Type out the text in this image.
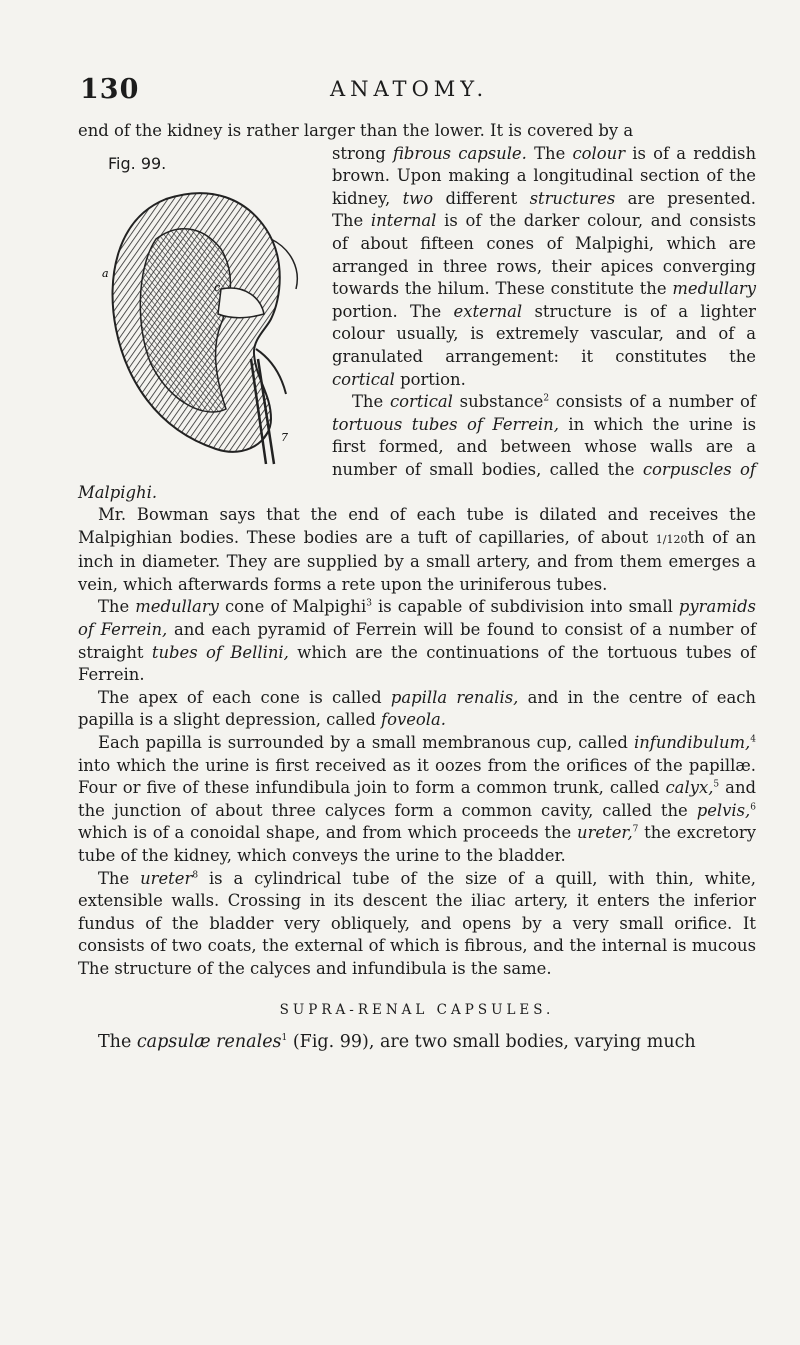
130	ANATOMY.
end of the kidney is rather larger than the lower. It is covered by a
Fig. 99.
a
c
7

strong fibrous capsule. The colour is of a reddish brown. Upon making a longitudinal section of the kidney, two different structures are presented. The internal is of the darker colour, and consists of about fifteen cones of Malpighi, which are arranged in three rows, their apices converging towards the hilum. These constitute the medullary portion. The external structure is of a lighter colour usually, is extremely vascular, and of a granulated arrangement: it constitutes the cortical portion.

The cortical substance$^2$ consists of a number of tortuous tubes of Ferrein, in which the urine is first formed, and between whose walls are a number of small bodies, called the corpuscles of Malpighi.

Mr. Bowman says that the end of each tube is dilated and receives the Malpighian bodies. These bodies are a tuft of capillaries, of about 1/120th of an inch in diameter. They are supplied by a small artery, and from them emerges a vein, which afterwards forms a rete upon the uriniferous tubes.

The medullary cone of Malpighi$^3$ is capable of subdivision into small pyramids of Ferrein, and each pyramid of Ferrein will be found to consist of a number of straight tubes of Bellini, which are the continuations of the tortuous tubes of Ferrein.

The apex of each cone is called papilla renalis, and in the centre of each papilla is a slight depression, called foveola.

Each papilla is surrounded by a small membranous cup, called infundibulum,$^4$ into which the urine is first received as it oozes from the orifices of the papillæ. Four or five of these infundibula join to form a common trunk, called calyx,$^5$ and the junction of about three calyces form a common cavity, called the pelvis,$^6$ which is of a conoidal shape, and from which proceeds the ureter,$^7$ the excretory tube of the kidney, which conveys the urine to the bladder.

The ureter$^8$ is a cylindrical tube of the size of a quill, with thin, white, extensible walls. Crossing in its descent the iliac artery, it enters the inferior fundus of the bladder very obliquely, and opens by a very small orifice. It consists of two coats, the external of which is fibrous, and the internal is mucous The structure of the calyces and infundibula is the same.

SUPRA-RENAL CAPSULES.

The capsulæ renales$^1$ (Fig. 99), are two small bodies, varying much
